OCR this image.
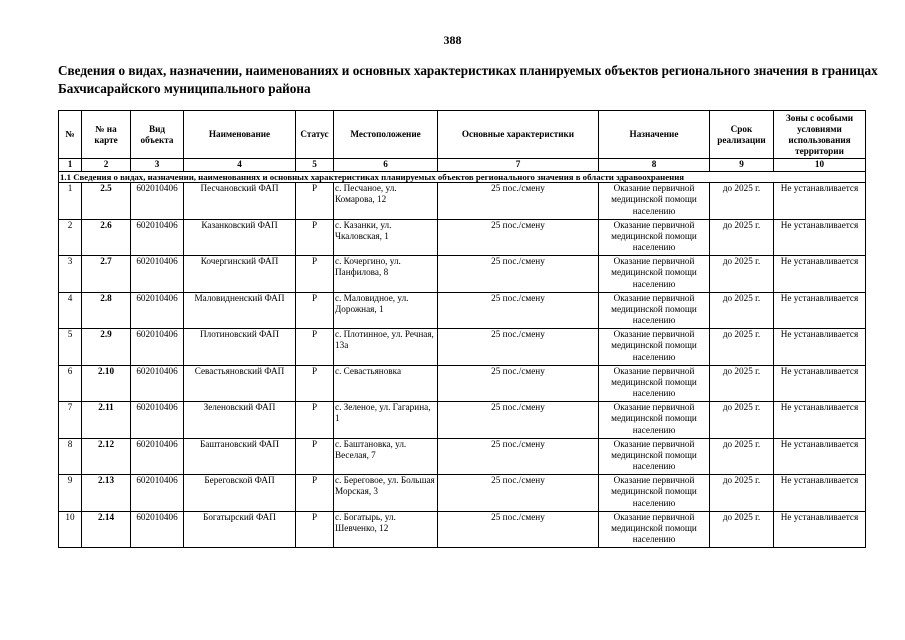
388
Сведения о видах, назначении, наименованиях и основных характеристиках планируемых объектов регионального значения в границах Бахчисарайского муниципального района
№	№ на карте	Вид объекта	Наименование	Статус	Местоположение	Основные характеристики	Назначение	Срок реализации	Зоны с особыми условиями использования территории
1	2	3	4	5	6	7	8	9	10
1.1 Сведения о видах, назначении, наименованиях и основных характеристиках планируемых объектов регионального значения в области здравоохранения									
1	2.5	602010406	Песчановский ФАП	Р	с. Песчаное, ул. Комарова, 12	25 пос./смену	Оказание первичной медицинской помощи населению	до 2025 г.	Не устанавливается
2	2.6	602010406	Казанковский ФАП	Р	с. Казанки, ул. Чкаловская, 1	25 пос./смену	Оказание первичной медицинской помощи населению	до 2025 г.	Не устанавливается
3	2.7	602010406	Кочергинский ФАП	Р	с. Кочергино, ул. Панфилова, 8	25 пос./смену	Оказание первичной медицинской помощи населению	до 2025 г.	Не устанавливается
4	2.8	602010406	Маловидненский ФАП	Р	с. Маловидное, ул. Дорожная, 1	25 пос./смену	Оказание первичной медицинской помощи населению	до 2025 г.	Не устанавливается
5	2.9	602010406	Плотиновский ФАП	Р	с. Плотинное, ул. Речная, 13а	25 пос./смену	Оказание первичной медицинской помощи населению	до 2025 г.	Не устанавливается
6	2.10	602010406	Севастьяновский ФАП	Р	с. Севастьяновка	25 пос./смену	Оказание первичной медицинской помощи населению	до 2025 г.	Не устанавливается
7	2.11	602010406	Зеленовский ФАП	Р	с. Зеленое, ул. Гагарина, 1	25 пос./смену	Оказание первичной медицинской помощи населению	до 2025 г.	Не устанавливается
8	2.12	602010406	Баштановский ФАП	Р	с. Баштановка, ул. Веселая, 7	25 пос./смену	Оказание первичной медицинской помощи населению	до 2025 г.	Не устанавливается
9	2.13	602010406	Береговской ФАП	Р	с. Береговое, ул. Большая Морская, 3	25 пос./смену	Оказание первичной медицинской помощи населению	до 2025 г.	Не устанавливается
10	2.14	602010406	Богатырский ФАП	Р	с. Богатырь, ул. Шевченко, 12	25 пос./смену	Оказание первичной медицинской помощи населению	до 2025 г.	Не устанавливается
